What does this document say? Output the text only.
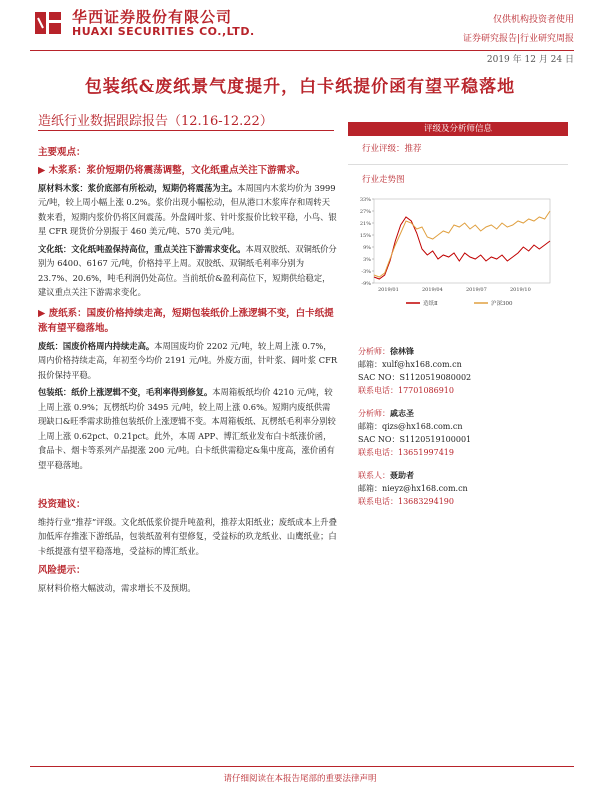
华西证券股份有限公司
HUAXI SECURITIES CO.,LTD.
仅供机构投资者使用
证券研究报告|行业研究周报
2019 年 12 月 24 日
包装纸&废纸景气度提升，白卡纸提价函有望平稳落地
造纸行业数据跟踪报告（12.16-12.22）
主要观点：

▶ 木浆系：浆价短期仍将震荡调整，文化纸重点关注下游需求。

原材料木浆：浆价底部有所松动，短期仍将震荡为主。本周国内木浆均价为 3999 元/吨，较上周小幅上涨 0.2%。浆价出现小幅松动，但从港口木浆库存和周转天数来看，短期内浆价仍将区间震荡。外盘阔叶浆、针叶浆报价比较平稳，小鸟、银星 CFR 现货价分别报于 460 美元/吨、570 美元/吨。

文化纸：文化纸吨盈保持高位，重点关注下游需求变化。本周双胶纸、双铜纸价分别为 6400、6167 元/吨，价格持平上周。双胶纸、双铜纸毛利率分别为 23.7%、20.6%，吨毛利润仍处高位。当前纸价&盈利高位下，短期供给稳定，建议重点关注下游需求变化。

▶ 废纸系：国废价格持续走高，短期包装纸价上涨逻辑不变，白卡纸提涨有望平稳落地。

废纸：国废价格周内持续走高。本周国废均价 2202 元/吨，较上周上涨 0.7%，周内价格持续走高，年初至今均价 2191 元/吨。外废方面，针叶浆、阔叶浆 CFR 报价保持平稳。

包装纸：纸价上涨逻辑不变，毛利率得到修复。本周箱板纸均价 4210 元/吨，较上周上涨 0.9%；瓦楞纸均价 3495 元/吨，较上周上涨 0.6%。短期内废纸供需现缺口&旺季需求助推包装纸价上涨逻辑不变。本周箱板纸、瓦楞纸毛利率分别较上周上涨 0.62pct、0.21pct。此外，本周 APP、博汇纸业发布白卡纸涨价函，食品卡、烟卡等系列产品提涨 200 元/吨。白卡纸供需稳定&集中度高，涨价函有望平稳落地。

投资建议：

维持行业“推荐”评级。文化纸低浆价提升吨盈利，推荐太阳纸业；废纸成本上升叠加低库存推涨下游纸品，包装纸盈利有望修复，受益标的玖龙纸业、山鹰纸业；白卡纸提涨有望平稳落地，受益标的博汇纸业。

风险提示：

原材料价格大幅波动，需求增长不及预期。

评级及分析师信息
行业评级：推荐
行业走势图
33%
27%
21%
15%
9%
3%
-3%
-9%
2019/01	2019/04	2019/07	2019/10
造纸Ⅱ	沪深300
分析师：徐林锋
邮箱：xulf@hx168.com.cn
SAC NO：S1120519080002
联系电话：17701086910
分析师：戚志圣
邮箱：qizs@hx168.com.cn
SAC NO：S1120519100001
联系电话：13651997419
联系人：聂助者
邮箱：nieyz@hx168.com.cn
联系电话：13683294190
请仔细阅读在本报告尾部的重要法律声明
